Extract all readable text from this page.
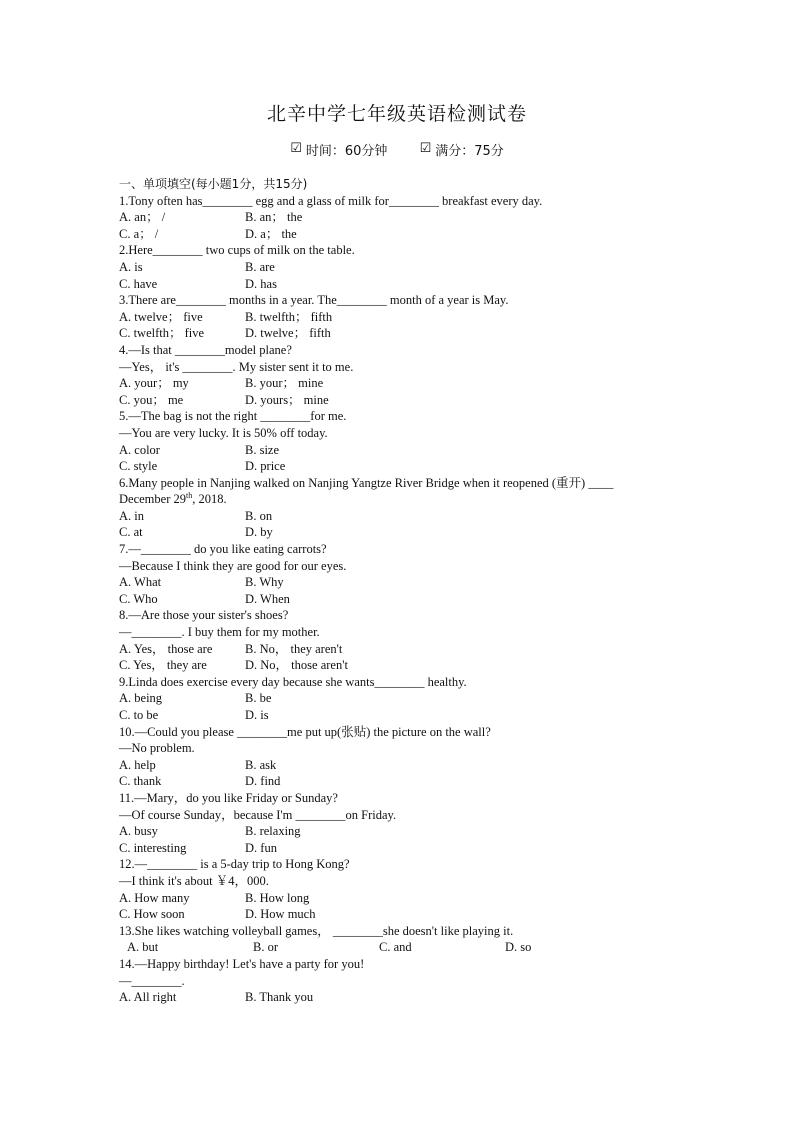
北辛中学七年级英语检测试卷
☑ 时间：60分钟 ☑ 满分：75分
一、单项填空(每小题1分，共15分)
1.Tony often has________ egg and a glass of milk for________ breakfast every day.
A. an； /	B. an； the
C. a； /	D. a； the
2.Here________ two cups of milk on the table.
A. is	B. are
C. have	D. has
3.There are________ months in a year. The________ month of a year is May.
A. twelve； five	B. twelfth； fifth
C. twelfth； five	D. twelve； fifth
4.—Is that ________model plane?
—Yes， it's ________. My sister sent it to me.
A. your； my	B. your； mine
C. you； me	D. yours； mine
5.—The bag is not the right ________for me.
—You are very lucky. It is 50% off today.
A. color	B. size
C. style	D. price
6.Many people in Nanjing walked on Nanjing Yangtze River Bridge when it reopened (重开) ____
December 29th, 2018.
A. in	B. on
C. at	D. by
7.—________ do you like eating carrots?
—Because I think they are good for our eyes.
A. What	B. Why
C. Who	D. When
8.—Are those your sister's shoes?
—________. I buy them for my mother.
A. Yes， those are	B. No， they aren't
C. Yes， they are	D. No， those aren't
9.Linda does exercise every day because she wants________ healthy.
A. being	B. be
C. to be	D. is
10.—Could you please ________me put up(张贴) the picture on the wall?
—No problem.
A. help	B. ask
C. thank	D. find
11.—Mary，do you like Friday or Sunday?
—Of course Sunday，because I'm ________on Friday.
A. busy	B. relaxing
C. interesting	D. fun
12.—________ is a 5-day trip to Hong Kong?
—I think it's about ￥4，000.
A. How many	B. How long
C. How soon	D. How much
13.She likes watching volleyball games， ________she doesn't like playing it.
A. but	B. or	C. and	D. so
14.—Happy birthday! Let's have a party for you!
—________.
A. All right	B. Thank you
